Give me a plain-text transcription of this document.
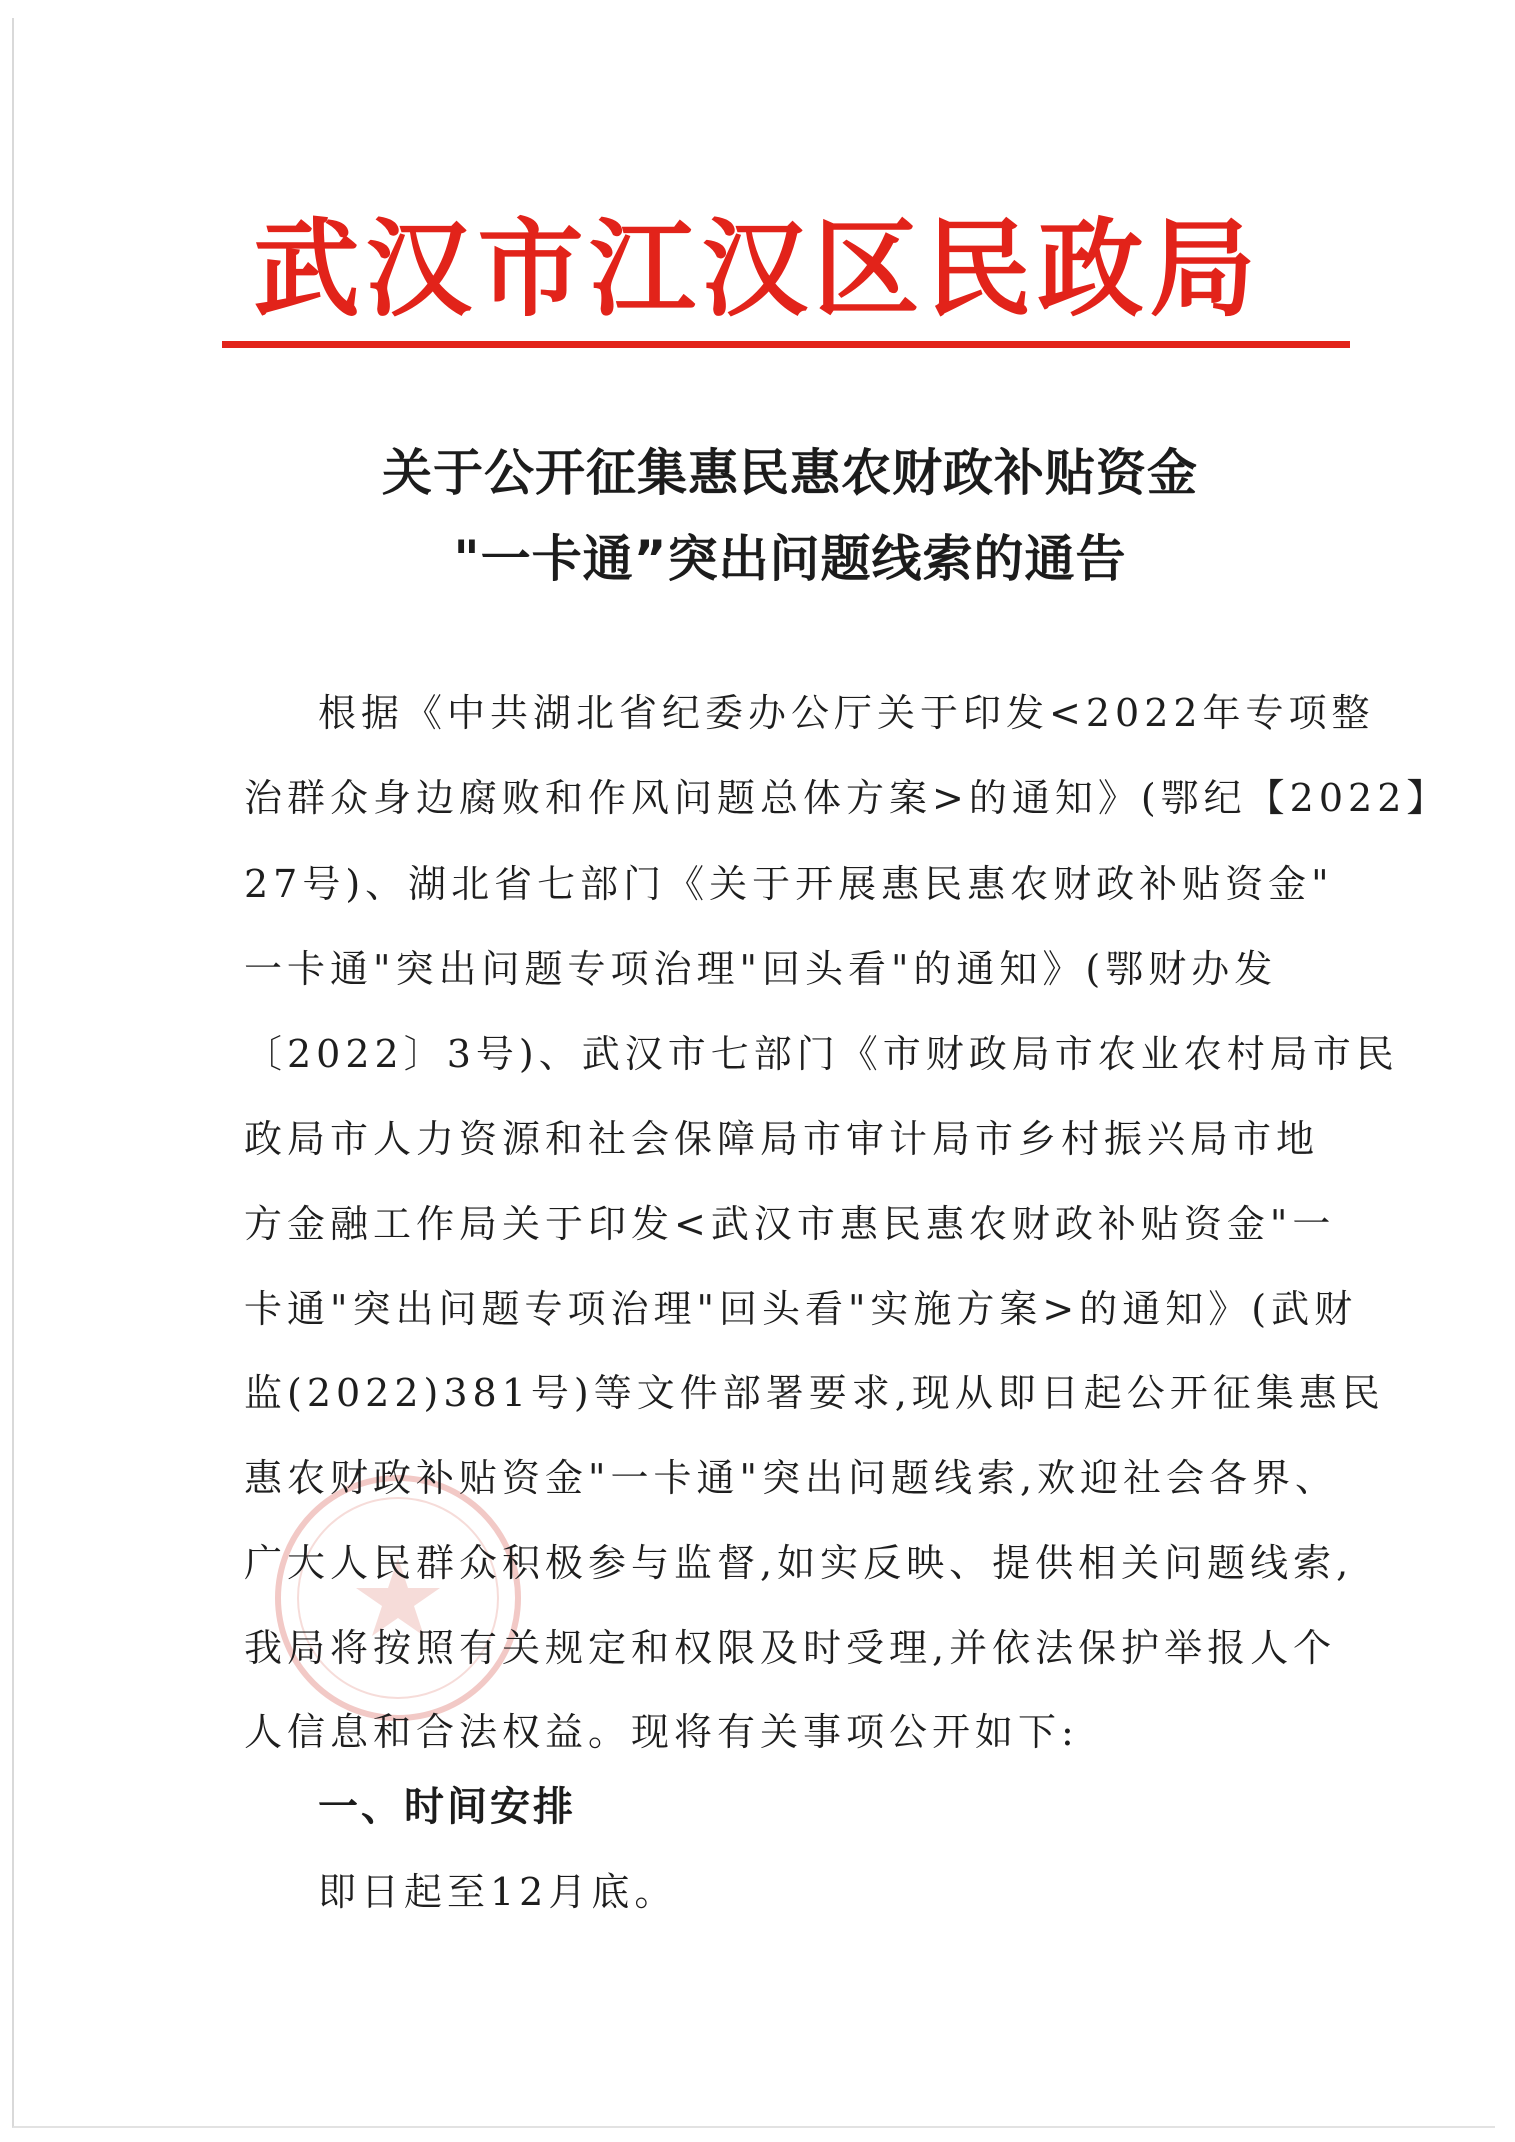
武汉市江汉区民政局
关于公开征集惠民惠农财政补贴资金
"一卡通”突出问题线索的通告
根据《中共湖北省纪委办公厅关于印发<2022年专项整
治群众身边腐败和作风问题总体方案>的通知》(鄂纪【2022】
27号)、湖北省七部门《关于开展惠民惠农财政补贴资金"
一卡通"突出问题专项治理"回头看"的通知》(鄂财办发
〔2022〕3号)、武汉市七部门《市财政局市农业农村局市民
政局市人力资源和社会保障局市审计局市乡村振兴局市地
方金融工作局关于印发<武汉市惠民惠农财政补贴资金"一
卡通"突出问题专项治理"回头看"实施方案>的通知》(武财
监(2022)381号)等文件部署要求,现从即日起公开征集惠民
惠农财政补贴资金"一卡通"突出问题线索,欢迎社会各界、
广大人民群众积极参与监督,如实反映、提供相关问题线索,
我局将按照有关规定和权限及时受理,并依法保护举报人个
人信息和合法权益。现将有关事项公开如下:
一、时间安排
即日起至12月底。
